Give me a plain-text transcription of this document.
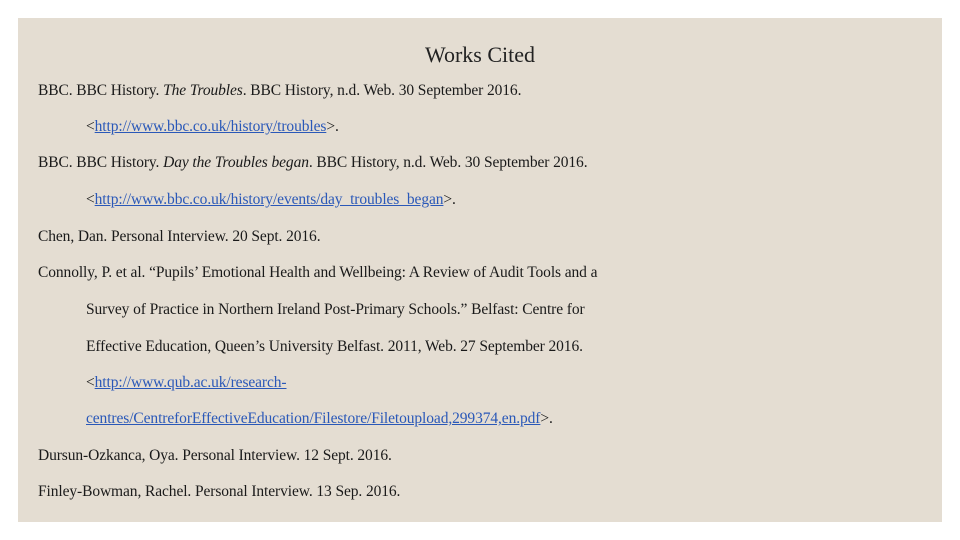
Works Cited
BBC. BBC History. The Troubles. BBC History, n.d. Web. 30 September 2016.
<http://www.bbc.co.uk/history/troubles>.
BBC. BBC History. Day the Troubles began. BBC History, n.d. Web. 30 September 2016.
<http://www.bbc.co.uk/history/events/day_troubles_began>.
Chen, Dan. Personal Interview. 20 Sept. 2016.
Connolly, P. et al. “Pupils’ Emotional Health and Wellbeing: A Review of Audit Tools and a
Survey of Practice in Northern Ireland Post-Primary Schools.” Belfast: Centre for
Effective Education, Queen’s University Belfast. 2011, Web. 27 September 2016.
<http://www.qub.ac.uk/research-
centres/CentreforEffectiveEducation/Filestore/Filetoupload,299374,en.pdf>.
Dursun-Ozkanca, Oya. Personal Interview. 12 Sept. 2016.
Finley-Bowman, Rachel. Personal Interview. 13 Sep. 2016.
